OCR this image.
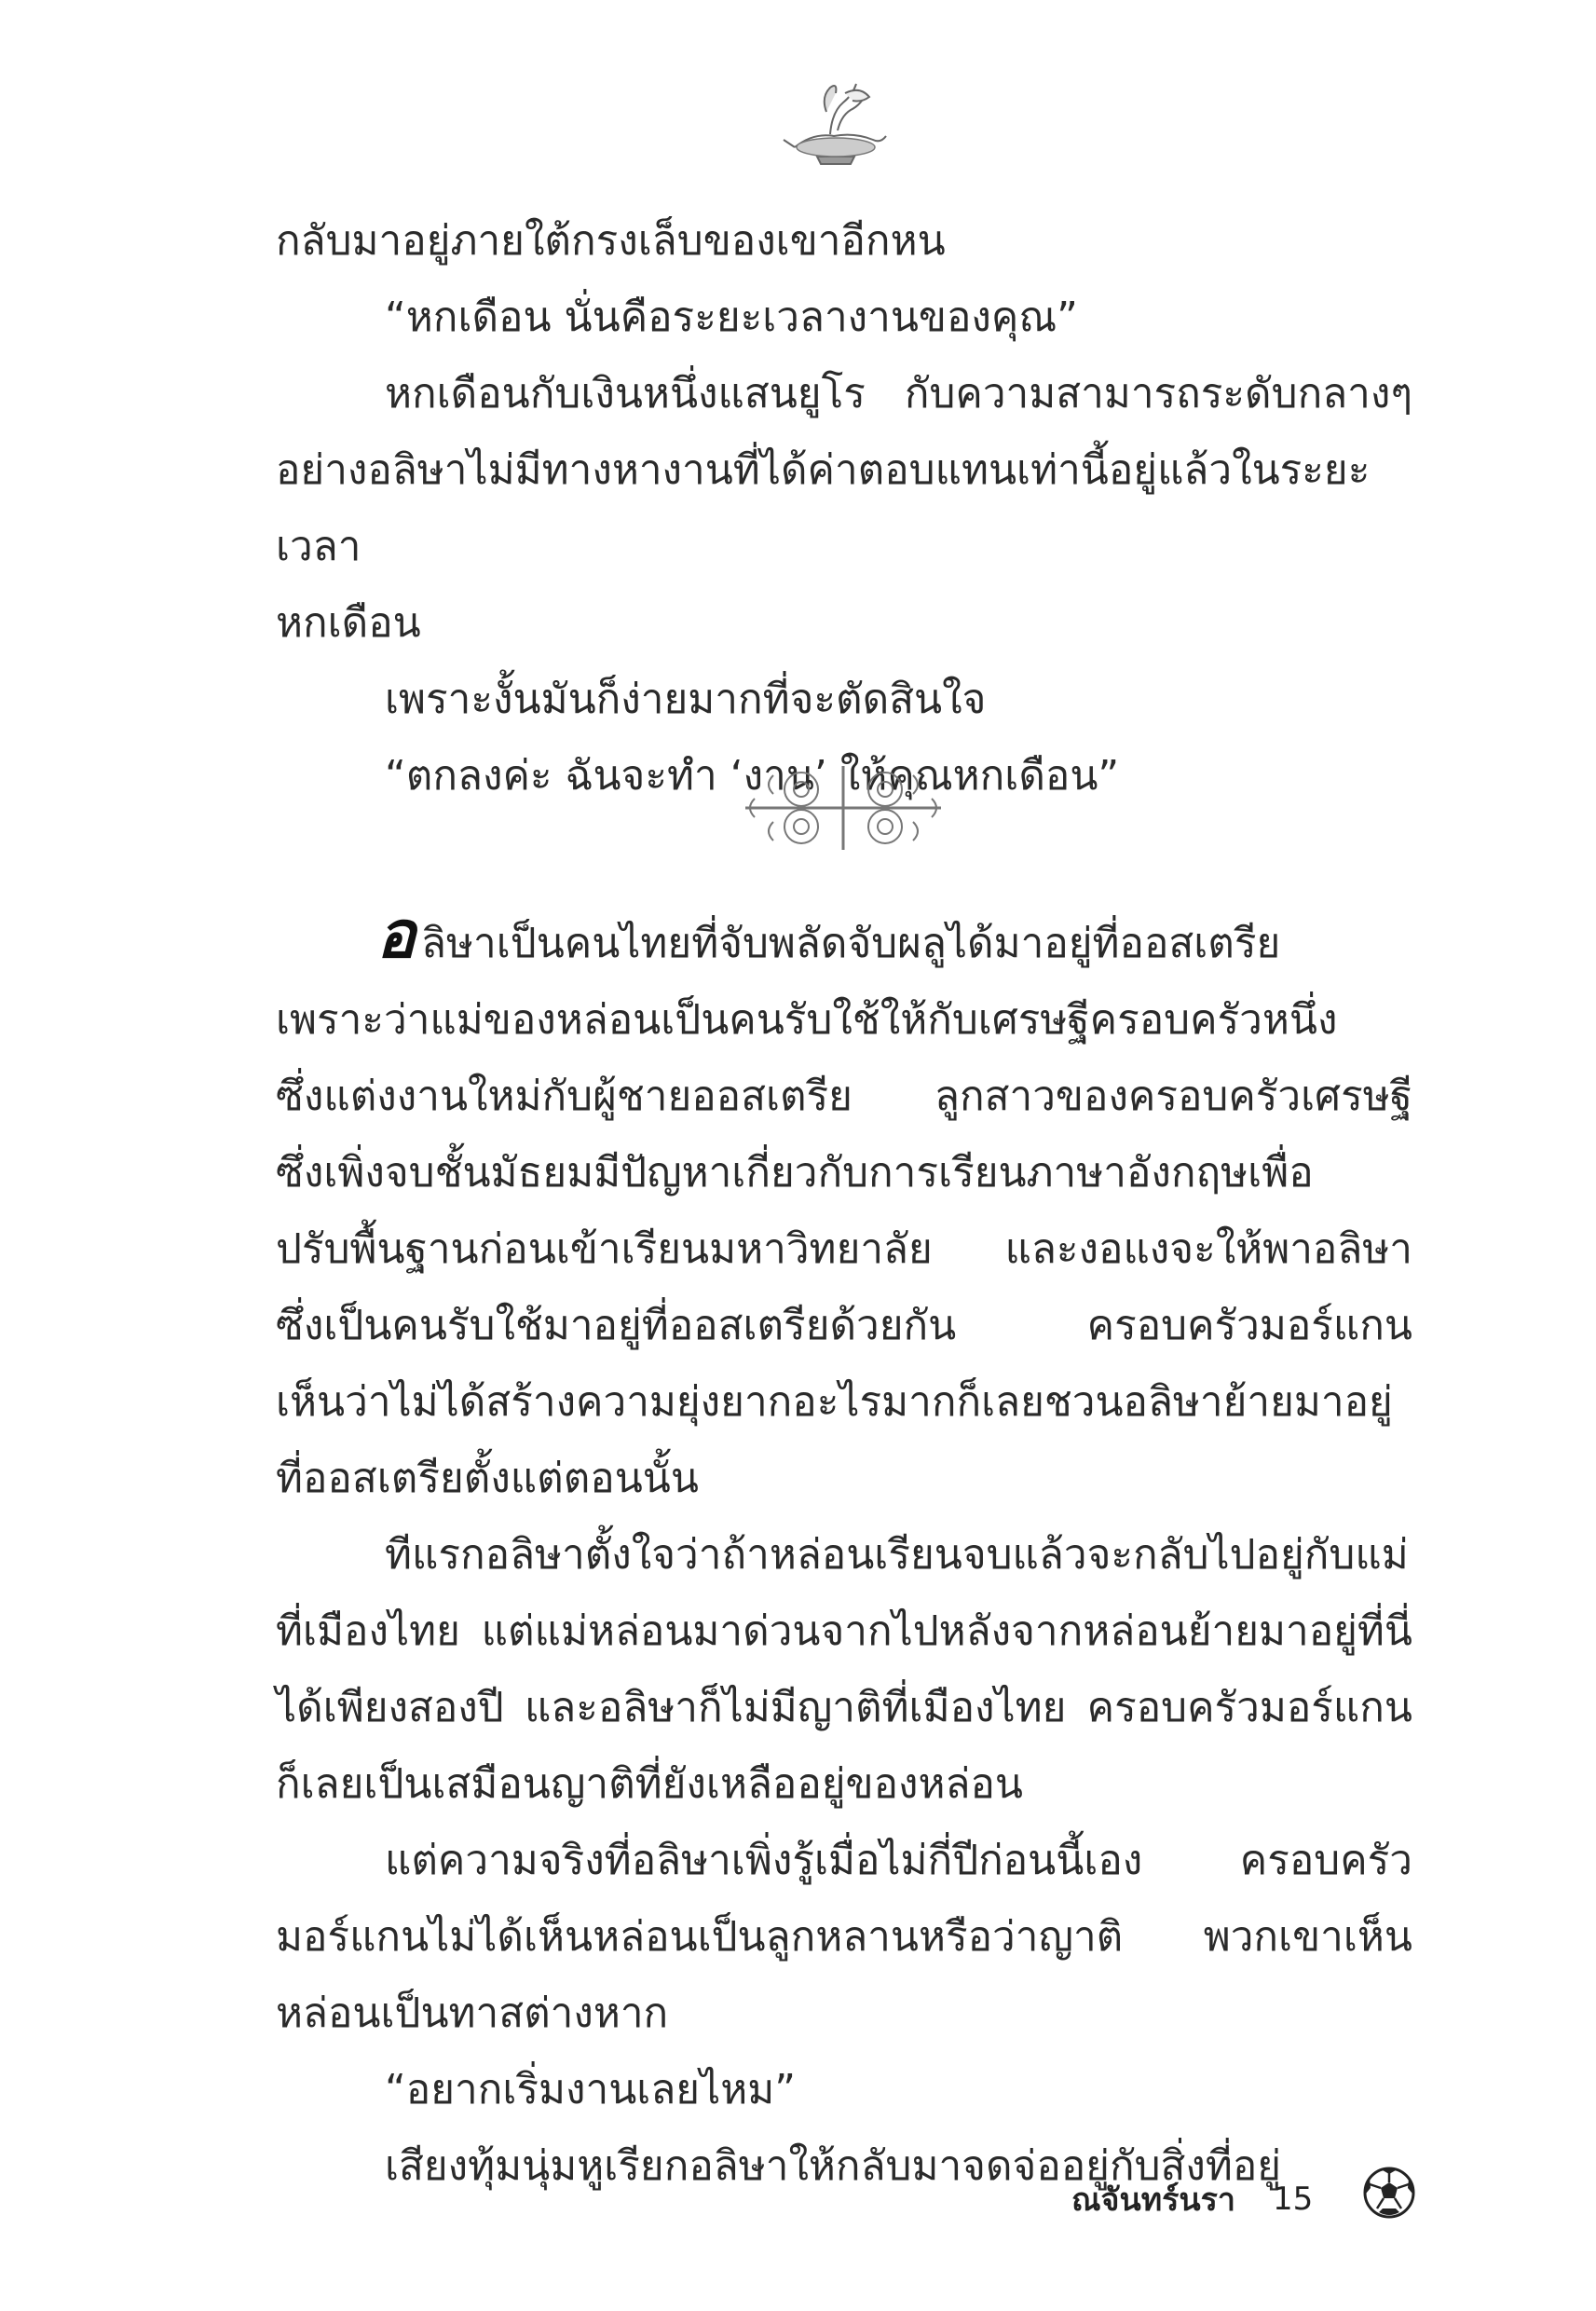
กลับมาอยู่ภายใต้กรงเล็บของเขาอีกหน

“หกเดือน นั่นคือระยะเวลางานของคุณ”

หกเดือนกับเงินหนึ่งแสนยูโร กับความสามารถระดับกลางๆ

อย่างอลิษาไม่มีทางหางานที่ได้ค่าตอบแทนเท่านี้อยู่แล้วในระยะเวลา

หกเดือน

เพราะงั้นมันก็ง่ายมากที่จะตัดสินใจ

“ตกลงค่ะ ฉันจะทำ ‘งาน’ ให้คุณหกเดือน”

อลิษาเป็นคนไทยที่จับพลัดจับผลูได้มาอยู่ที่ออสเตรีย

เพราะว่าแม่ของหล่อนเป็นคนรับใช้ให้กับเศรษฐีครอบครัวหนึ่ง

ซึ่งแต่งงานใหม่กับผู้ชายออสเตรีย ลูกสาวของครอบครัวเศรษฐี

ซึ่งเพิ่งจบชั้นมัธยมมีปัญหาเกี่ยวกับการเรียนภาษาอังกฤษเพื่อ

ปรับพื้นฐานก่อนเข้าเรียนมหาวิทยาลัย และงอแงจะให้พาอลิษา

ซึ่งเป็นคนรับใช้มาอยู่ที่ออสเตรียด้วยกัน ครอบครัวมอร์แกน

เห็นว่าไม่ได้สร้างความยุ่งยากอะไรมากก็เลยชวนอลิษาย้ายมาอยู่

ที่ออสเตรียตั้งแต่ตอนนั้น

ทีแรกอลิษาตั้งใจว่าถ้าหล่อนเรียนจบแล้วจะกลับไปอยู่กับแม่

ที่เมืองไทย แต่แม่หล่อนมาด่วนจากไปหลังจากหล่อนย้ายมาอยู่ที่นี่

ได้เพียงสองปี และอลิษาก็ไม่มีญาติที่เมืองไทย ครอบครัวมอร์แกน

ก็เลยเป็นเสมือนญาติที่ยังเหลืออยู่ของหล่อน

แต่ความจริงที่อลิษาเพิ่งรู้เมื่อไม่กี่ปีก่อนนี้เอง ครอบครัว

มอร์แกนไม่ได้เห็นหล่อนเป็นลูกหลานหรือว่าญาติ พวกเขาเห็น

หล่อนเป็นทาสต่างหาก

“อยากเริ่มงานเลยไหม”

เสียงทุ้มนุ่มหูเรียกอลิษาให้กลับมาจดจ่ออยู่กับสิ่งที่อยู่

ณจันทร์นรา 15
